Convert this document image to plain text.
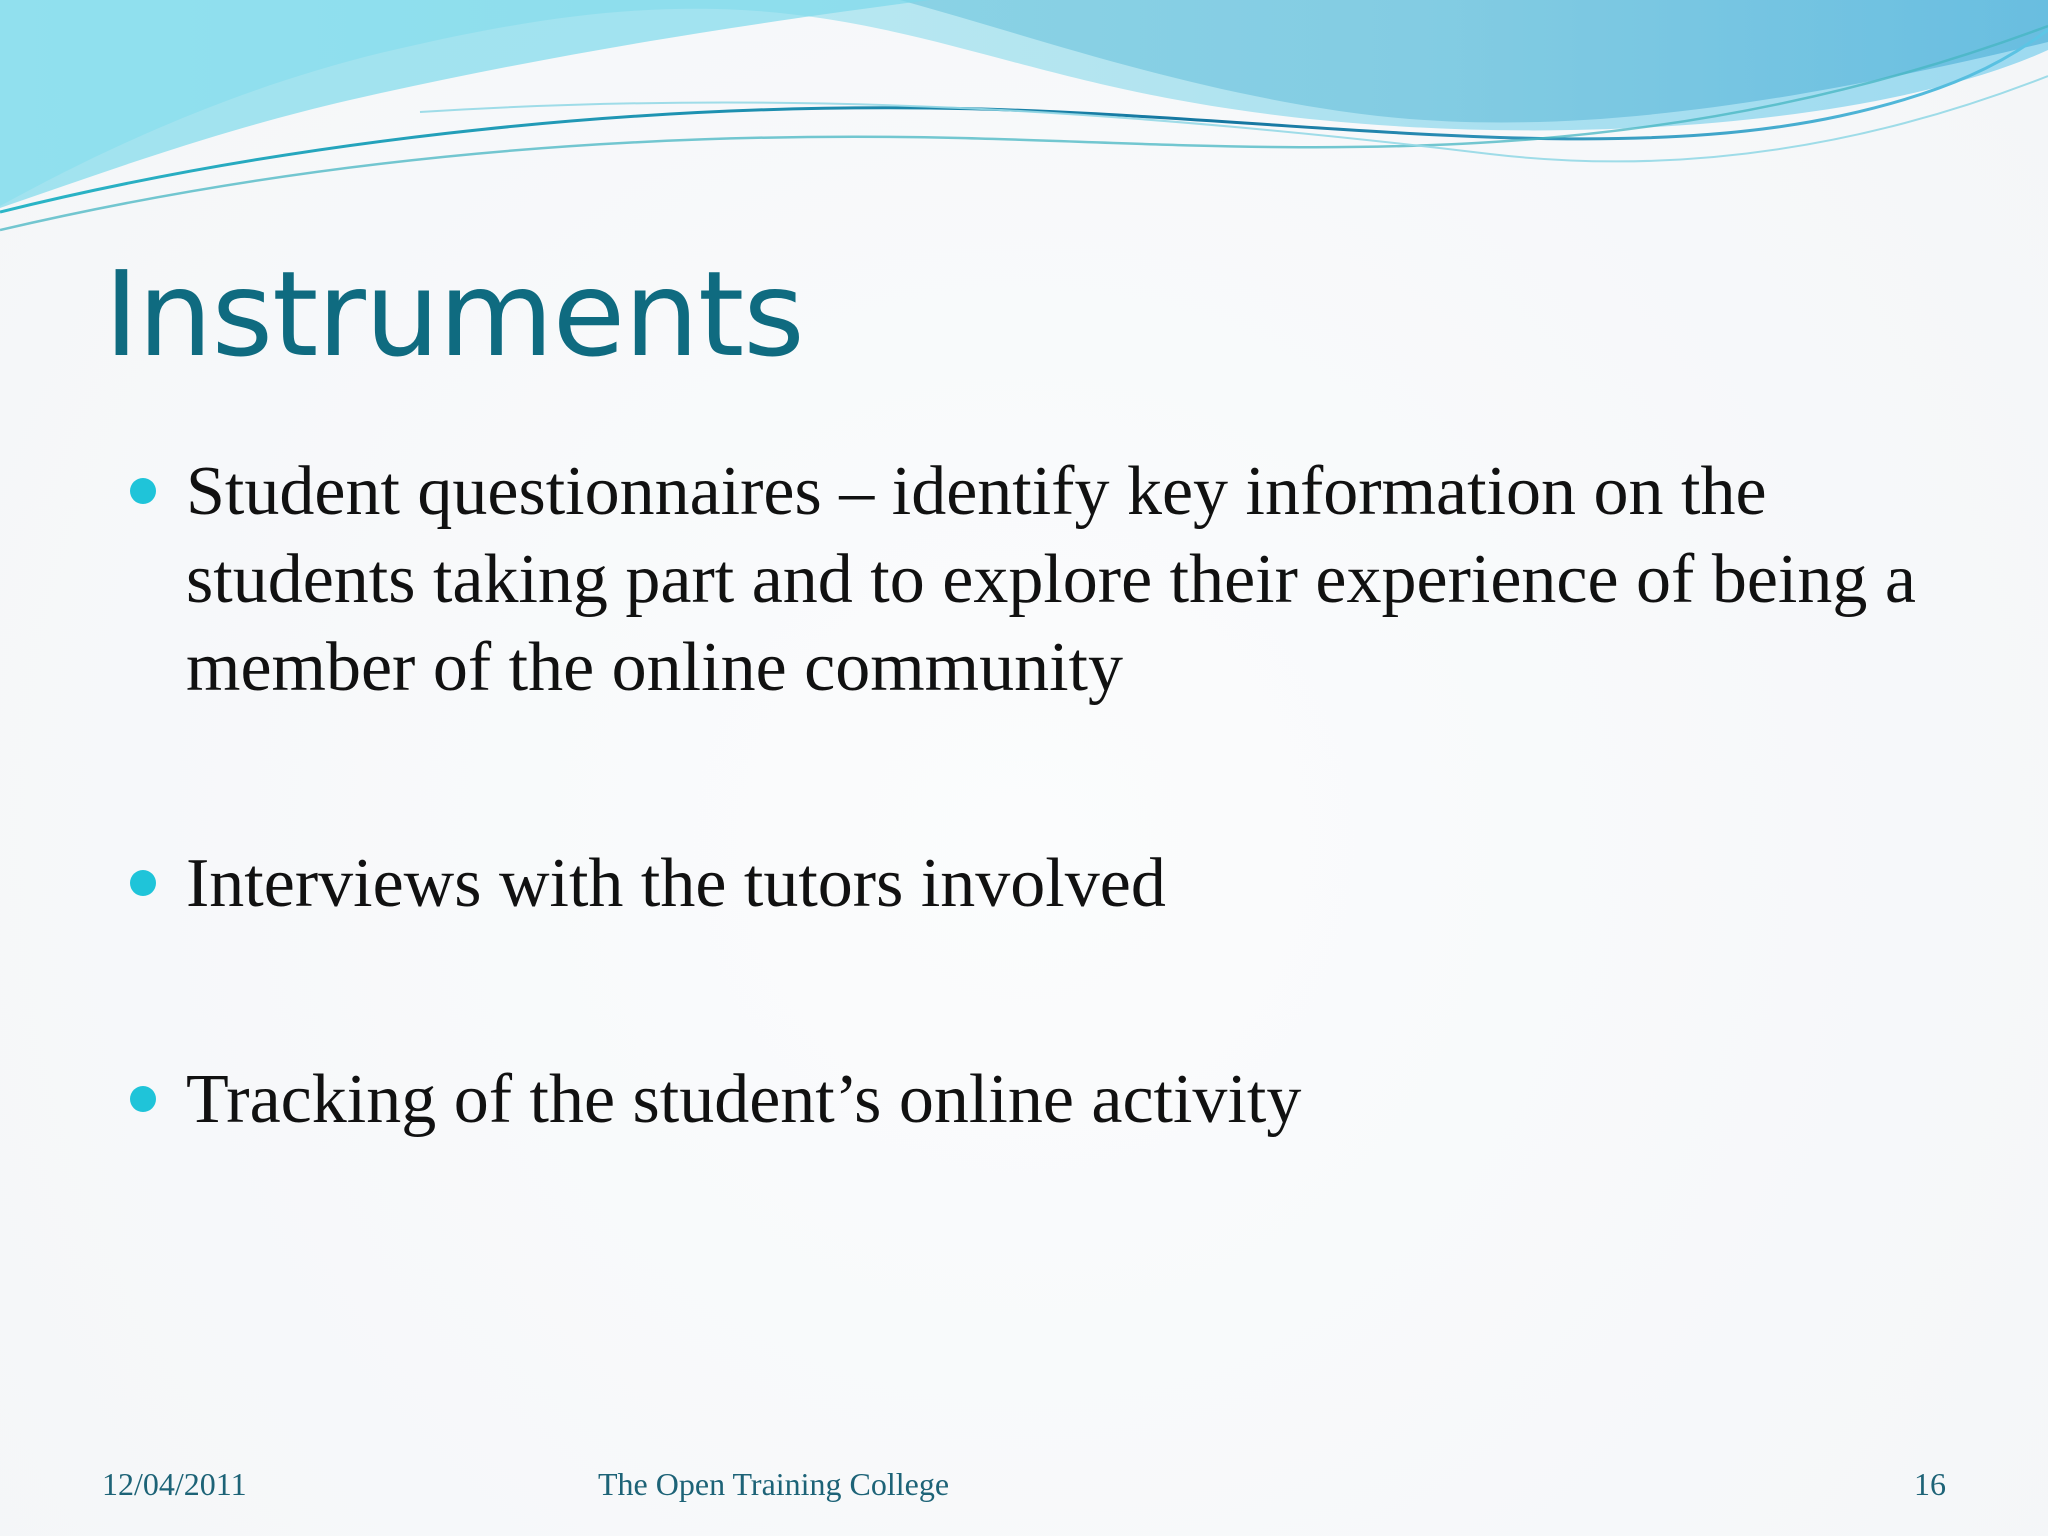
Instruments
Student questionnaires – identify key information on the students taking part and to explore their experience of being a member of the online community
Interviews with the tutors involved
Tracking of the student’s online activity
12/04/2011	The Open Training College	16
